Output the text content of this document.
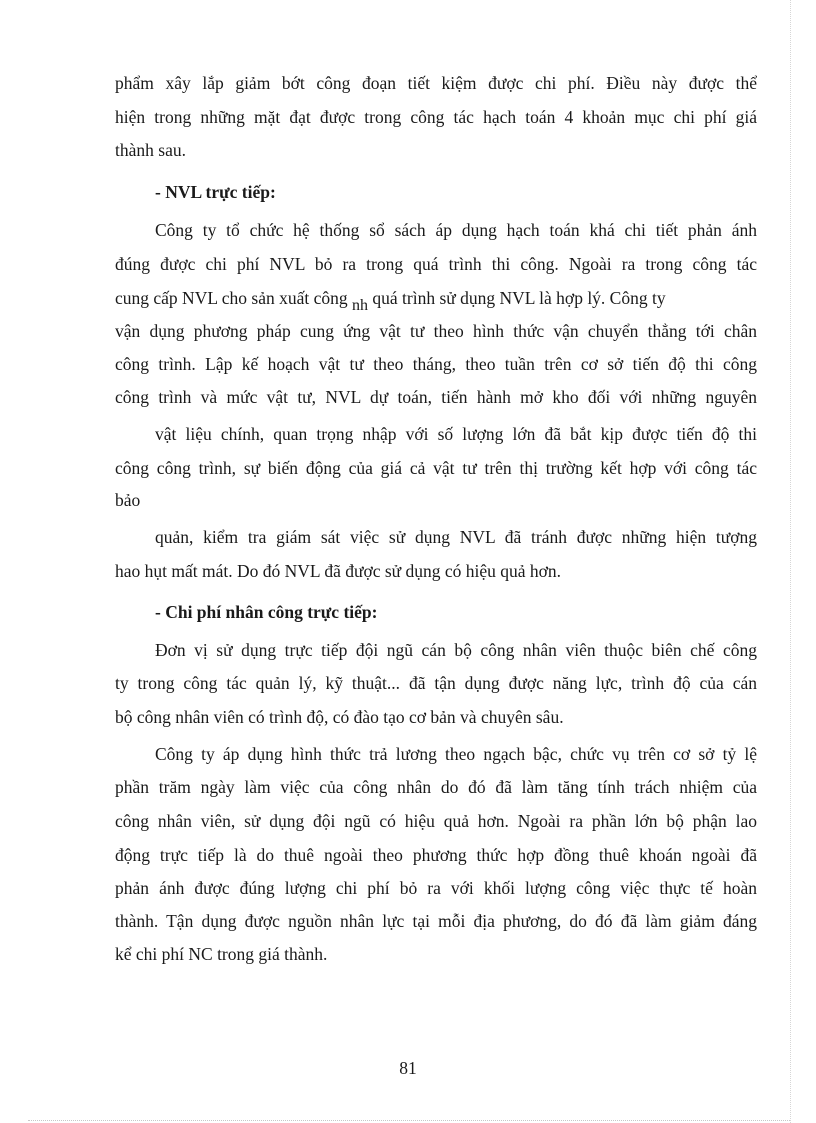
phẩm xây lắp giảm bớt công đoạn tiết kiệm được chi phí. Điều này được thể
hiện trong những mặt đạt được trong công tác hạch toán 4 khoản mục chi phí giá
thành sau.
- NVL trực tiếp:
Công ty tổ chức hệ thống sổ sách áp dụng hạch toán khá chi tiết phản ánh
đúng được chi phí NVL bỏ ra trong quá trình thi công. Ngoài ra trong công tác
cung cấp NVL cho sản xuất công nh quá trình sử dụng NVL là hợp lý. Công ty
vận dụng phương pháp cung ứng vật tư theo hình thức vận chuyển thẳng tới chân
công trình. Lập kế hoạch vật tư theo tháng, theo tuần trên cơ sở tiến độ thi công
công trình và mức vật tư, NVL dự toán, tiến hành mở kho đối với những nguyên
vật liệu chính, quan trọng nhập với số lượng lớn đã bắt kịp được tiến độ thi
công công trình, sự biến động của giá cả vật tư trên thị trường kết hợp với công tác
bảo
quản, kiểm tra giám sát việc sử dụng NVL đã tránh được những hiện tượng
hao hụt mất mát. Do đó NVL đã được sử dụng có hiệu quả hơn.
- Chi phí nhân công trực tiếp:
Đơn vị sử dụng trực tiếp đội ngũ cán bộ công nhân viên thuộc biên chế công
ty trong công tác quản lý, kỹ thuật... đã tận dụng được năng lực, trình độ của cán
bộ công nhân viên có trình độ, có đào tạo cơ bản và chuyên sâu.
Công ty áp dụng hình thức trả lương theo ngạch bậc, chức vụ trên cơ sở tỷ lệ
phần trăm ngày làm việc của công nhân do đó đã làm tăng tính trách nhiệm của
công nhân viên, sử dụng đội ngũ có hiệu quả hơn. Ngoài ra phần lớn bộ phận lao
động trực tiếp là do thuê ngoài theo phương thức hợp đồng thuê khoán ngoài đã
phản ánh được đúng lượng chi phí bỏ ra với khối lượng công việc thực tế hoàn
thành. Tận dụng được nguồn nhân lực tại mỗi địa phương, do đó đã làm giảm đáng
kể chi phí NC trong giá thành.
81
